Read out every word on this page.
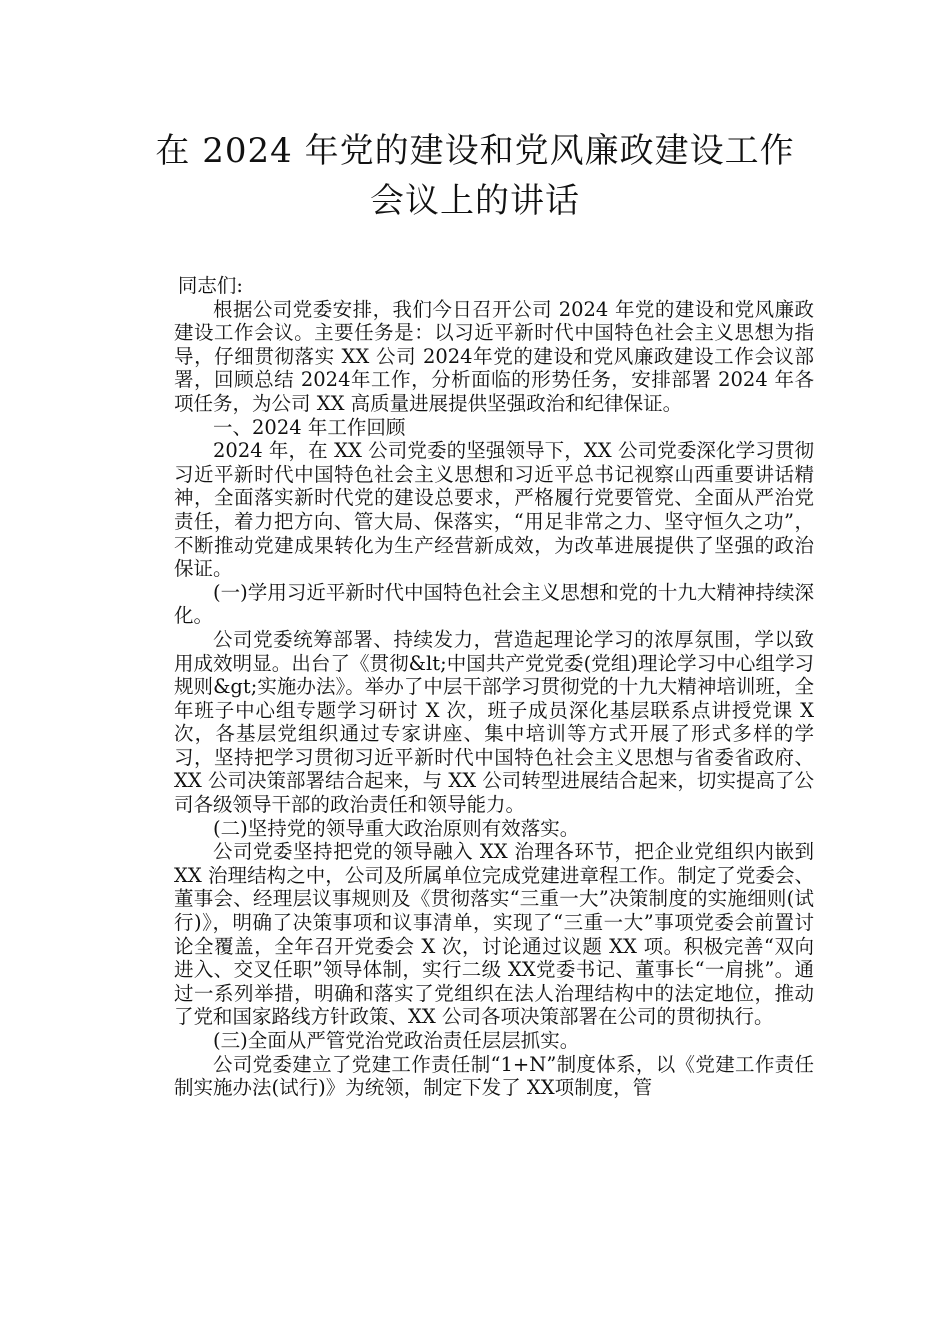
在 2024 年党的建设和党风廉政建设工作
会议上的讲话

同志们:

根据公司党委安排，我们今日召开公司 2024 年党的建设和党风廉政建设工作会议。主要任务是：以习近平新时代中国特色社会主义思想为指导，仔细贯彻落实 XX 公司 2024年党的建设和党风廉政建设工作会议部署，回顾总结 2024年工作，分析面临的形势任务，安排部署 2024 年各项任务，为公司 XX 高质量进展提供坚强政治和纪律保证。

一、2024 年工作回顾

2024 年，在 XX 公司党委的坚强领导下，XX 公司党委深化学习贯彻习近平新时代中国特色社会主义思想和习近平总书记视察山西重要讲话精神，全面落实新时代党的建设总要求，严格履行党要管党、全面从严治党责任，着力把方向、管大局、保落实，“用足非常之力、坚守恒久之功”，不断推动党建成果转化为生产经营新成效，为改革进展提供了坚强的政治保证。

(一)学用习近平新时代中国特色社会主义思想和党的十九大精神持续深化。

公司党委统筹部署、持续发力，营造起理论学习的浓厚氛围，学以致用成效明显。出台了《贯彻&lt;中国共产党党委(党组)理论学习中心组学习规则&gt;实施办法》。举办了中层干部学习贯彻党的十九大精神培训班，全年班子中心组专题学习研讨 X 次，班子成员深化基层联系点讲授党课 X 次，各基层党组织通过专家讲座、集中培训等方式开展了形式多样的学习，坚持把学习贯彻习近平新时代中国特色社会主义思想与省委省政府、XX 公司决策部署结合起来，与 XX 公司转型进展结合起来，切实提高了公司各级领导干部的政治责任和领导能力。

(二)坚持党的领导重大政治原则有效落实。

公司党委坚持把党的领导融入 XX 治理各环节，把企业党组织内嵌到 XX 治理结构之中，公司及所属单位完成党建进章程工作。制定了党委会、董事会、经理层议事规则及《贯彻落实“三重一大”决策制度的实施细则(试行)》，明确了决策事项和议事清单，实现了“三重一大”事项党委会前置讨论全覆盖，全年召开党委会 X 次，讨论通过议题 XX 项。积极完善“双向进入、交叉任职”领导体制，实行二级 XX党委书记、董事长“一肩挑”。通过一系列举措，明确和落实了党组织在法人治理结构中的法定地位，推动了党和国家路线方针政策、XX 公司各项决策部署在公司的贯彻执行。

(三)全面从严管党治党政治责任层层抓实。

公司党委建立了党建工作责任制“1+N”制度体系，以《党建工作责任制实施办法(试行)》为统领，制定下发了 XX项制度，管
